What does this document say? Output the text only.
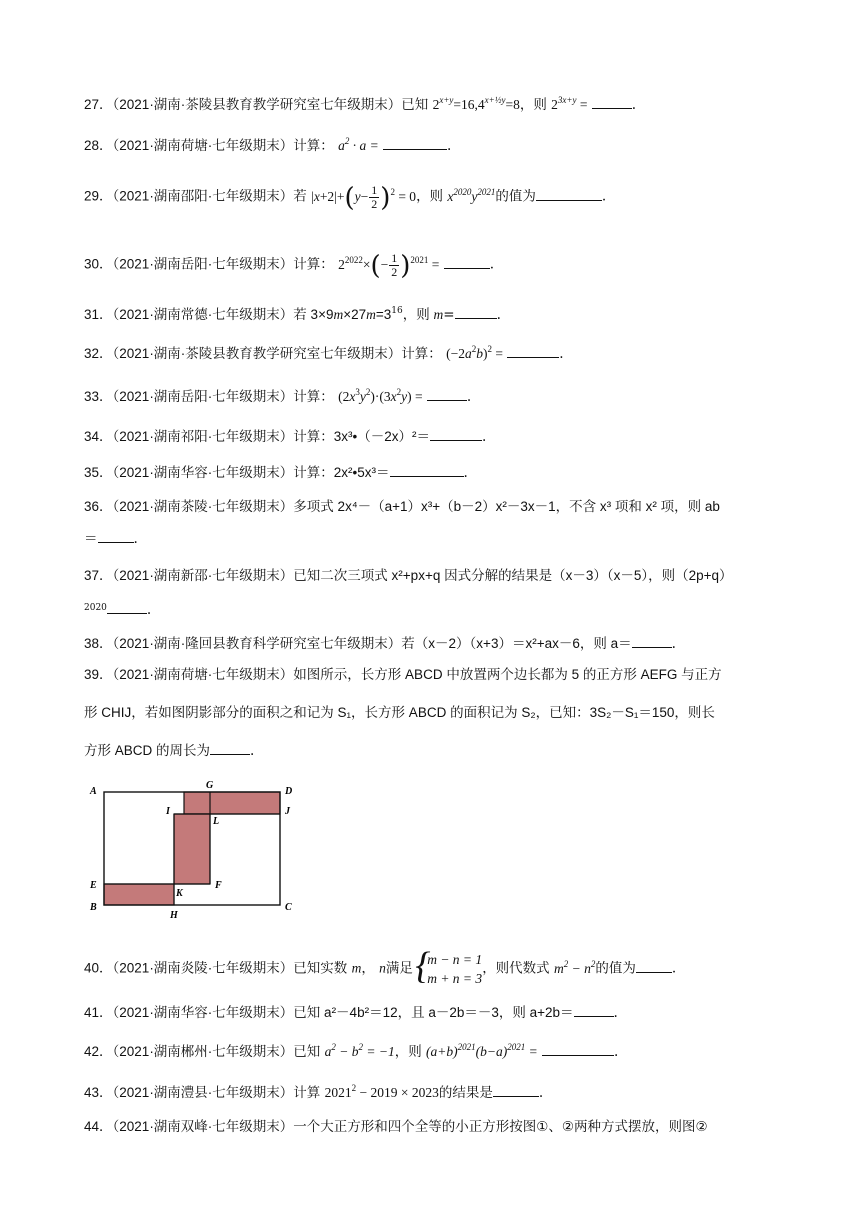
27．（2021·湖南·茶陵县教育教学研究室七年级期末）已知 $2^{x+y}=16,4^{x+\frac{1}{2}y}=8$，则 $2^{3x+y}$ =	.
28．（2021·湖南荷塘·七年级期末）计算： $a^2 \cdot a$ =	.
29．（2021·湖南邵阳·七年级期末）若 $|x+2|+(y- \frac{1}{2} )^2 = 0$，则 $x^{2020}y^{2021}$的值为	.
30．（2021·湖南岳阳·七年级期末）计算： $2^{2022}\times(- \frac{1}{2} )^{2021}$ =	.
31．（2021·湖南常德·七年级期末）若 $3\times 9m\times 27m=3^{16}$，则 m=	.
32．（2021·湖南·茶陵县教育教学研究室七年级期末）计算： $(-2a^2b)^2$ =	.
33．（2021·湖南岳阳·七年级期末）计算： $(2x^3y^2)\cdot(3x^2y)$ =	.
34．（2021·湖南祁阳·七年级期末）计算：3x³•（－2x）²＝	.
35．（2021·湖南华容·七年级期末）计算：2x²•5x³＝	.
36．（2021·湖南茶陵·七年级期末）多项式 2x⁴－（a+1）x³+（b－2）x²－3x－1，不含 x³ 项和 x² 项，则 ab
＝	.
37．（2021·湖南新邵·七年级期末）已知二次三项式 x²+px+q 因式分解的结果是（x－3）（x－5），则（2p+q）
$^{2020}$	.
38．（2021·湖南·隆回县教育科学研究室七年级期末）若（x－2）（x+3）＝x²+ax－6，则 a＝	.
39．（2021·湖南荷塘·七年级期末）如图所示，长方形 ABCD 中放置两个边长都为 5 的正方形 AEFG 与正方
形 CHIJ，若如图阴影部分的面积之和记为 S₁，长方形 ABCD 的面积记为 S₂，已知：3S₂－S₁＝150，则长
方形 ABCD 的周长为	.
A
G
D
I
L
J
E
K
F
B
H
C
40．（2021·湖南炎陵·七年级期末）已知实数 m， n满足
{ m − n = 1
m + n = 3
，则代数式 $m^2 - n^2$的值为	.
41．（2021·湖南华容·七年级期末）已知 a²－4b²＝12，且 a－2b＝－3，则 a+2b＝	.
42．（2021·湖南郴州·七年级期末）已知 $a^2 - b^2 = -1$，则 $(a+b)^{2021}(b-a)^{2021}$ =	.
43．（2021·湖南澧县·七年级期末）计算 $2021^2 - 2019 \times 2023$的结果是	.
44．（2021·湖南双峰·七年级期末）一个大正方形和四个全等的小正方形按图①、②两种方式摆放，则图②
